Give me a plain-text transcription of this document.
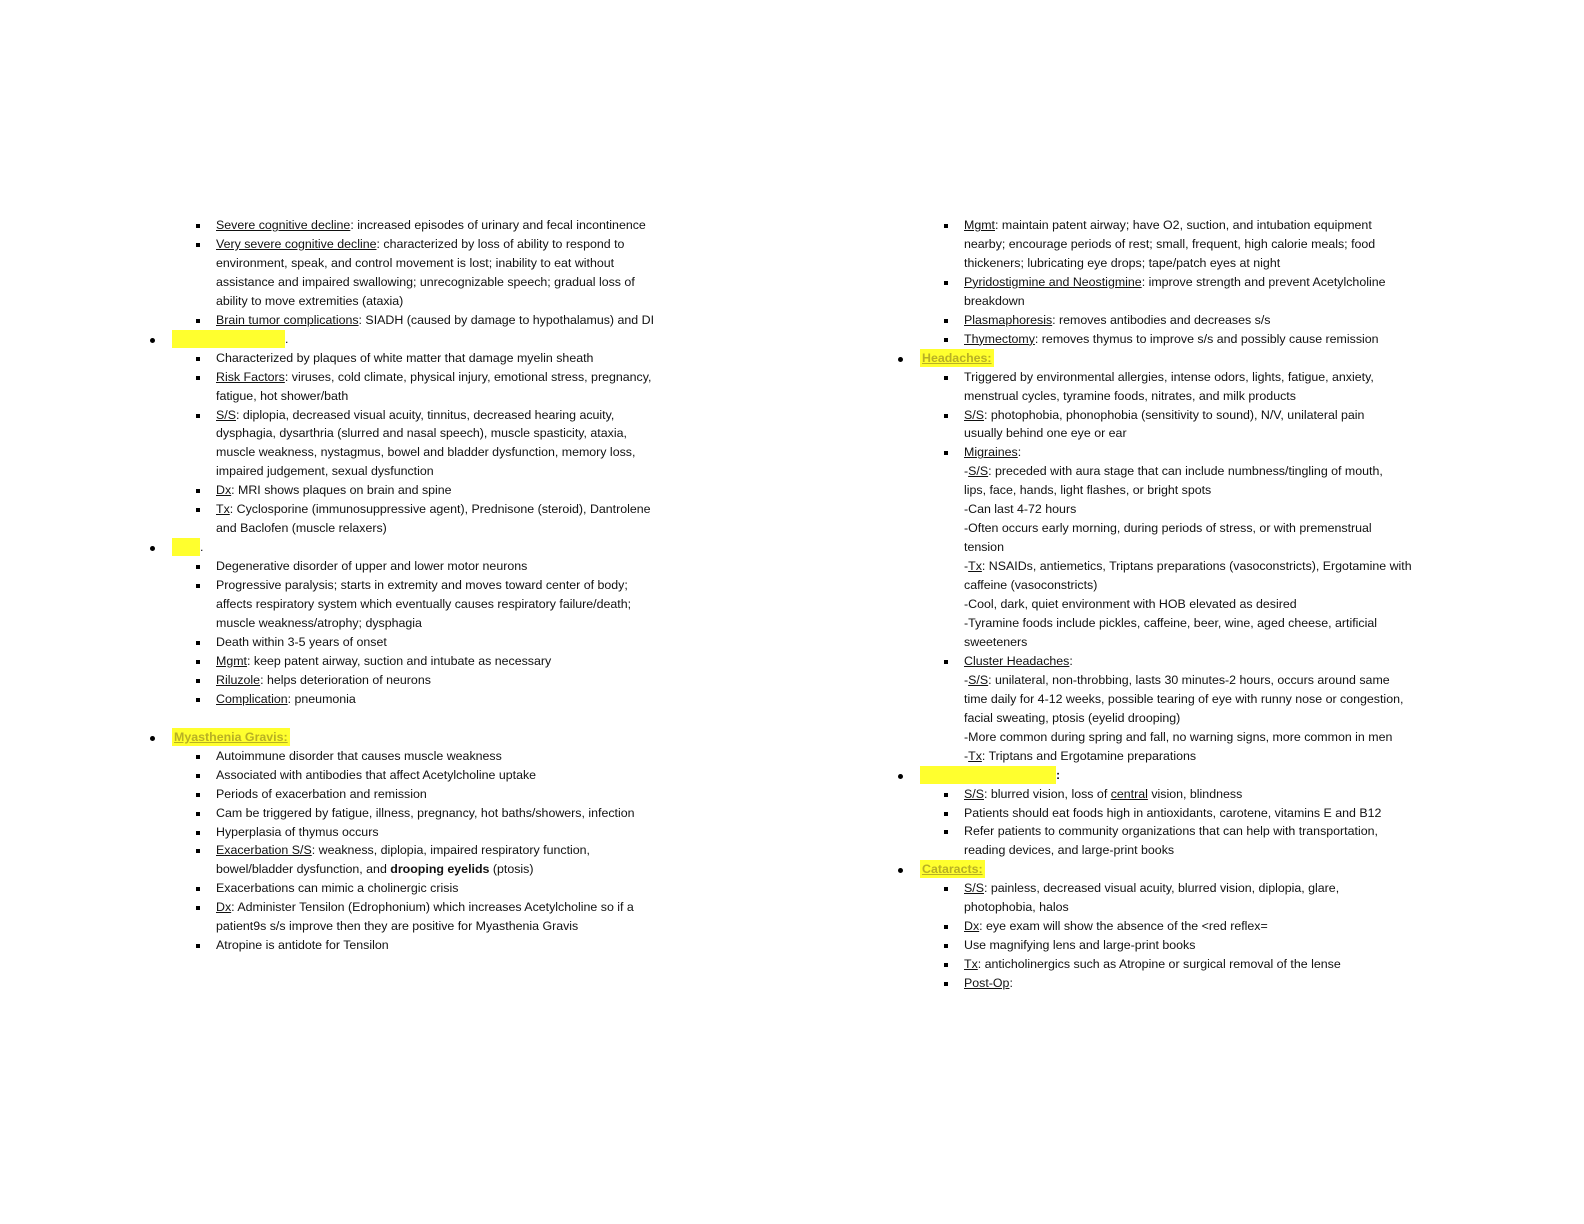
Severe cognitive decline: increased episodes of urinary and fecal incontinence
Very severe cognitive decline: characterized by loss of ability to respond to
environment, speak, and control movement is lost; inability to eat without
assistance and impaired swallowing; unrecognizable speech; gradual loss of
ability to move extremities (ataxia)
Brain tumor complications: SIADH (caused by damage to hypothalamus) and DI
.
Characterized by plaques of white matter that damage myelin sheath
Risk Factors: viruses, cold climate, physical injury, emotional stress, pregnancy,
fatigue, hot shower/bath
S/S: diplopia, decreased visual acuity, tinnitus, decreased hearing acuity,
dysphagia, dysarthria (slurred and nasal speech), muscle spasticity, ataxia,
muscle weakness, nystagmus, bowel and bladder dysfunction, memory loss,
impaired judgement, sexual dysfunction
Dx: MRI shows plaques on brain and spine
Tx: Cyclosporine (immunosuppressive agent), Prednisone (steroid), Dantrolene
and Baclofen (muscle relaxers)
.
Degenerative disorder of upper and lower motor neurons
Progressive paralysis; starts in extremity and moves toward center of body;
affects respiratory system which eventually causes respiratory failure/death;
muscle weakness/atrophy; dysphagia
Death within 3-5 years of onset
Mgmt: keep patent airway, suction and intubate as necessary
Riluzole: helps deterioration of neurons
Complication: pneumonia
Myasthenia Gravis:
Autoimmune disorder that causes muscle weakness
Associated with antibodies that affect Acetylcholine uptake
Periods of exacerbation and remission
Cam be triggered by fatigue, illness, pregnancy, hot baths/showers, infection
Hyperplasia of thymus occurs
Exacerbation S/S: weakness, diplopia, impaired respiratory function,
bowel/bladder dysfunction, and drooping eyelids (ptosis)
Exacerbations can mimic a cholinergic crisis
Dx: Administer Tensilon (Edrophonium) which increases Acetylcholine so if a
patient9s s/s improve then they are positive for Myasthenia Gravis
Atropine is antidote for Tensilon
Mgmt: maintain patent airway; have O2, suction, and intubation equipment
nearby; encourage periods of rest; small, frequent, high calorie meals; food
thickeners; lubricating eye drops; tape/patch eyes at night
Pyridostigmine and Neostigmine: improve strength and prevent Acetylcholine
breakdown
Plasmaphoresis: removes antibodies and decreases s/s
Thymectomy: removes thymus to improve s/s and possibly cause remission
Headaches:
Triggered by environmental allergies, intense odors, lights, fatigue, anxiety,
menstrual cycles, tyramine foods, nitrates, and milk products
S/S: photophobia, phonophobia (sensitivity to sound), N/V, unilateral pain
usually behind one eye or ear
Migraines:
-S/S: preceded with aura stage that can include numbness/tingling of mouth,
lips, face, hands, light flashes, or bright spots
-Can last 4-72 hours
-Often occurs early morning, during periods of stress, or with premenstrual
tension
-Tx: NSAIDs, antiemetics, Triptans preparations (vasoconstricts), Ergotamine with
caffeine (vasoconstricts)
-Cool, dark, quiet environment with HOB elevated as desired
-Tyramine foods include pickles, caffeine, beer, wine, aged cheese, artificial
sweeteners
Cluster Headaches:
-S/S: unilateral, non-throbbing, lasts 30 minutes-2 hours, occurs around same
time daily for 4-12 weeks, possible tearing of eye with runny nose or congestion,
facial sweating, ptosis (eyelid drooping)
-More common during spring and fall, no warning signs, more common in men
-Tx: Triptans and Ergotamine preparations
:
S/S: blurred vision, loss of central vision, blindness
Patients should eat foods high in antioxidants, carotene, vitamins E and B12
Refer patients to community organizations that can help with transportation,
reading devices, and large-print books
Cataracts:
S/S: painless, decreased visual acuity, blurred vision, diplopia, glare,
photophobia, halos
Dx: eye exam will show the absence of the <red reflex=
Use magnifying lens and large-print books
Tx: anticholinergics such as Atropine or surgical removal of the lense
Post-Op:
